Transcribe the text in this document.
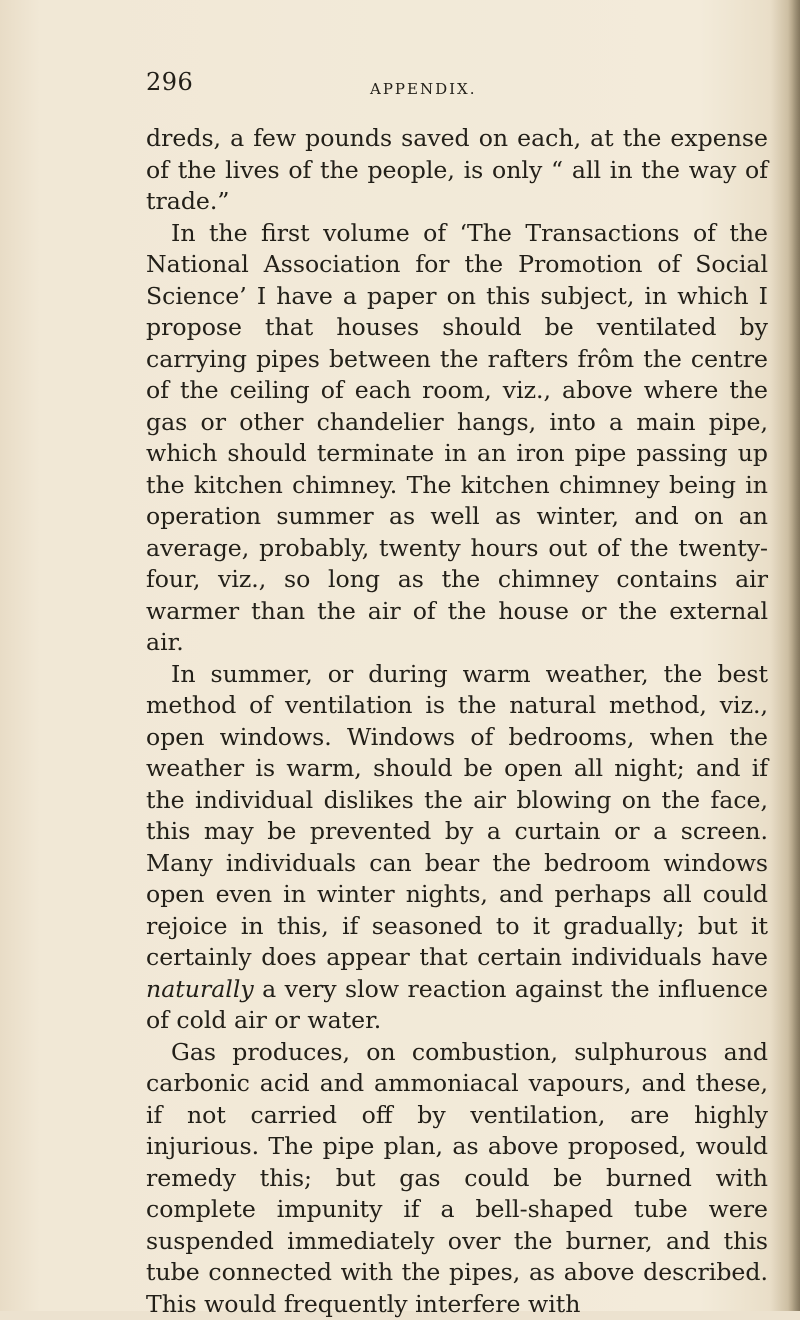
296	APPENDIX.

dreds, a few pounds saved on each, at the expense of the lives of the people, is only “ all in the way of trade.”

In the first volume of ‘The Transactions of the National Association for the Promotion of Social Science’ I have a paper on this subject, in which I propose that houses should be ventilated by carrying pipes between the rafters frôm the centre of the ceiling of each room, viz., above where the gas or other chandelier hangs, into a main pipe, which should terminate in an iron pipe passing up the kitchen chimney. The kitchen chimney being in operation summer as well as winter, and on an average, probably, twenty hours out of the twenty-four, viz., so long as the chimney contains air warmer than the air of the house or the external air.

In summer, or during warm weather, the best method of ventilation is the natural method, viz., open windows. Windows of bedrooms, when the weather is warm, should be open all night; and if the individual dislikes the air blowing on the face, this may be prevented by a curtain or a screen. Many individuals can bear the bedroom windows open even in winter nights, and perhaps all could rejoice in this, if seasoned to it gradually; but it certainly does appear that certain individuals have naturally a very slow reaction against the influence of cold air or water.

Gas produces, on combustion, sulphurous and carbonic acid and ammoniacal vapours, and these, if not carried off by ventilation, are highly injurious. The pipe plan, as above proposed, would remedy this; but gas could be burned with complete impunity if a bell-shaped tube were suspended immediately over the burner, and this tube connected with the pipes, as above described. This would frequently interfere with
